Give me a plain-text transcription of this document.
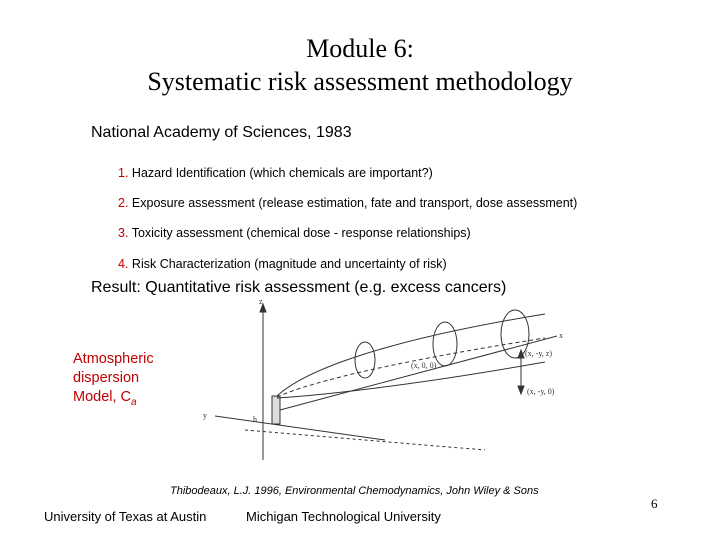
Module 6:
Systematic risk assessment methodology
National Academy of Sciences, 1983
1. Hazard Identification (which chemicals are important?)
2. Exposure assessment (release estimation, fate and transport, dose assessment)
3. Toxicity assessment (chemical dose - response relationships)
4. Risk Characterization (magnitude and uncertainty of risk)
Result: Quantitative risk assessment (e.g. excess cancers)
Atmospheric
dispersion
Model, $C_a$
z
x
y	h
(x, -y, z)
(x, 0, 0)
(x, -y, 0)
Thibodeaux, L.J. 1996, Environmental Chemodynamics, John Wiley & Sons
University of Texas at Austin	Michigan Technological University
6
